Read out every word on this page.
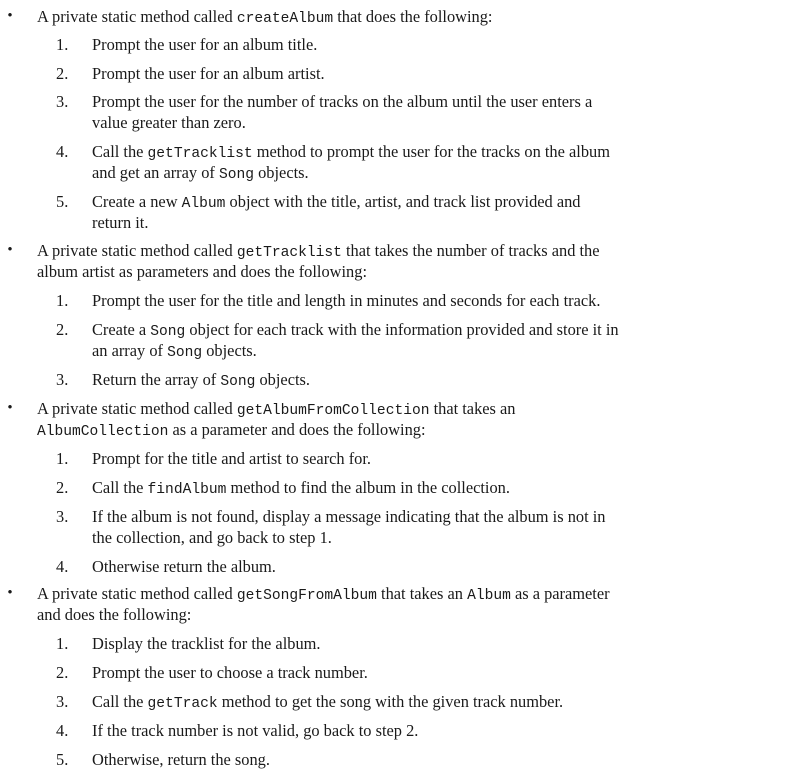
• A private static method called createAlbum that does the following:
1.	Prompt the user for an album title.
2.	Prompt the user for an album artist.
3.	Prompt the user for the number of tracks on the album until the user enters a
value greater than zero.
4.	Call the getTracklist method to prompt the user for the tracks on the album
and get an array of Song objects.
5.	Create a new Album object with the title, artist, and track list provided and
return it.
• A private static method called getTracklist that takes the number of tracks and the
album artist as parameters and does the following:
1.	Prompt the user for the title and length in minutes and seconds for each track.
2.	Create a Song object for each track with the information provided and store it in
an array of Song objects.
3.	Return the array of Song objects.
• A private static method called getAlbumFromCollection that takes an
AlbumCollection as a parameter and does the following:
1.	Prompt for the title and artist to search for.
2.	Call the findAlbum method to find the album in the collection.
3.	If the album is not found, display a message indicating that the album is not in
the collection, and go back to step 1.
4.	Otherwise return the album.
• A private static method called getSongFromAlbum that takes an Album as a parameter
and does the following:
1.	Display the tracklist for the album.
2.	Prompt the user to choose a track number.
3.	Call the getTrack method to get the song with the given track number.
4.	If the track number is not valid, go back to step 2.
5.	Otherwise, return the song.
